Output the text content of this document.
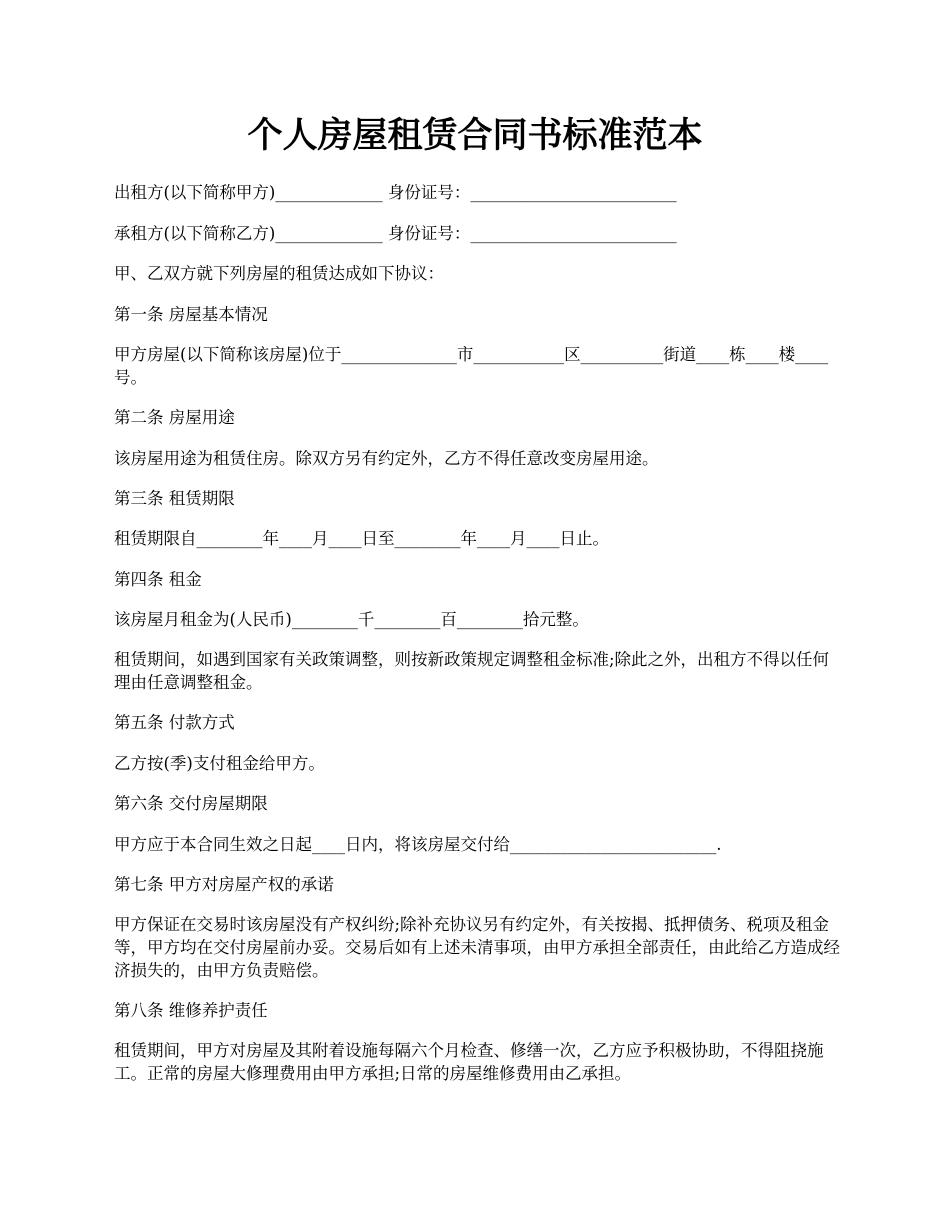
个人房屋租赁合同书标准范本

出租方(以下简称甲方)_____________ 身份证号：_________________________

承租方(以下简称乙方)_____________ 身份证号：_________________________

甲、乙双方就下列房屋的租赁达成如下协议：

第一条 房屋基本情况

甲方房屋(以下简称该房屋)位于______________市___________区__________街道____栋____楼____号。

第二条 房屋用途

该房屋用途为租赁住房。除双方另有约定外，乙方不得任意改变房屋用途。

第三条 租赁期限

租赁期限自________年____月____日至________年____月____日止。

第四条 租金

该房屋月租金为(人民币)________千________百________拾元整。

租赁期间，如遇到国家有关政策调整，则按新政策规定调整租金标准;除此之外，出租方不得以任何理由任意调整租金。

第五条 付款方式

乙方按(季)支付租金给甲方。

第六条 交付房屋期限

甲方应于本合同生效之日起____日内，将该房屋交付给_________________________.

第七条 甲方对房屋产权的承诺

甲方保证在交易时该房屋没有产权纠纷;除补充协议另有约定外，有关按揭、抵押债务、税项及租金等，甲方均在交付房屋前办妥。交易后如有上述未清事项，由甲方承担全部责任，由此给乙方造成经济损失的，由甲方负责赔偿。

第八条 维修养护责任

租赁期间，甲方对房屋及其附着设施每隔六个月检查、修缮一次，乙方应予积极协助，不得阻挠施工。正常的房屋大修理费用由甲方承担;日常的房屋维修费用由乙承担。
